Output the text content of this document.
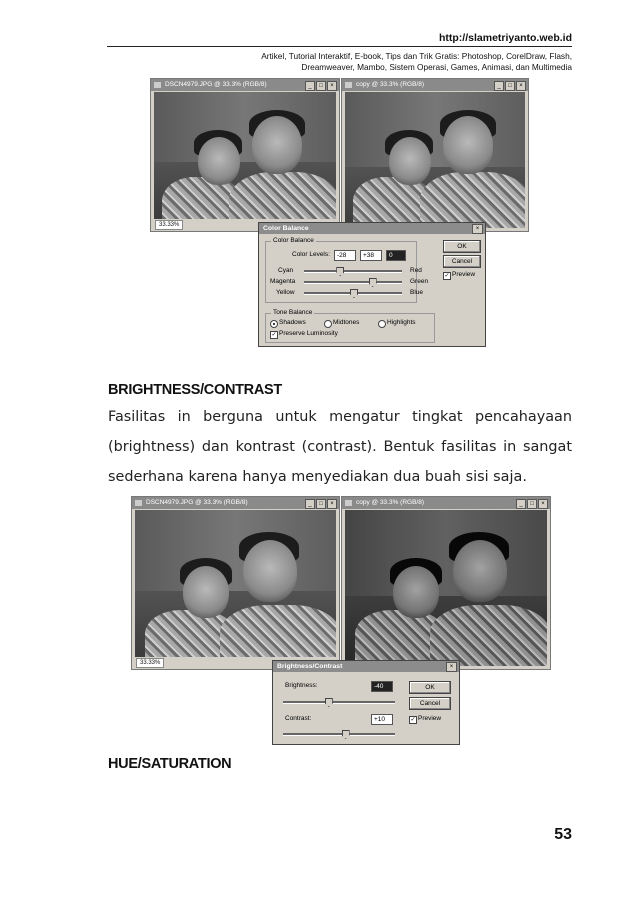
http://slametriyanto.web.id
Artikel, Tutorial Interaktif, E-book, Tips dan Trik Gratis: Photoshop, CorelDraw, Flash, Dreamweaver, Mambo, Sistem Operasi, Games, Animasi, dan Multimedia
DSCN4979.JPG @ 33.3% (RGB/8)	_	□	×
33.33%
copy @ 33.3% (RGB/8)	_	□	×
Color Balance	×
Color Balance
Color Levels:	-28	+38	0
Cyan	Red
Magenta	Green
Yellow	Blue
Tone Balance
Shadows	Midtones	Highlights
✓ Preserve Luminosity
OK
Cancel
✓ Preview
BRIGHTNESS/CONTRAST
Fasilitas in berguna untuk mengatur tingkat pencahayaan (brightness) dan kontrast (contrast). Bentuk fasilitas in sangat sederhana karena hanya menyediakan dua buah sisi saja.
DSCN4979.JPG @ 33.3% (RGB/8)	_	□	×
33.33%
copy @ 33.3% (RGB/8)	_	□	×
Brightness/Contrast	×
Brightness:	-40
Contrast:	+10
OK
Cancel
✓ Preview
HUE/SATURATION
53
